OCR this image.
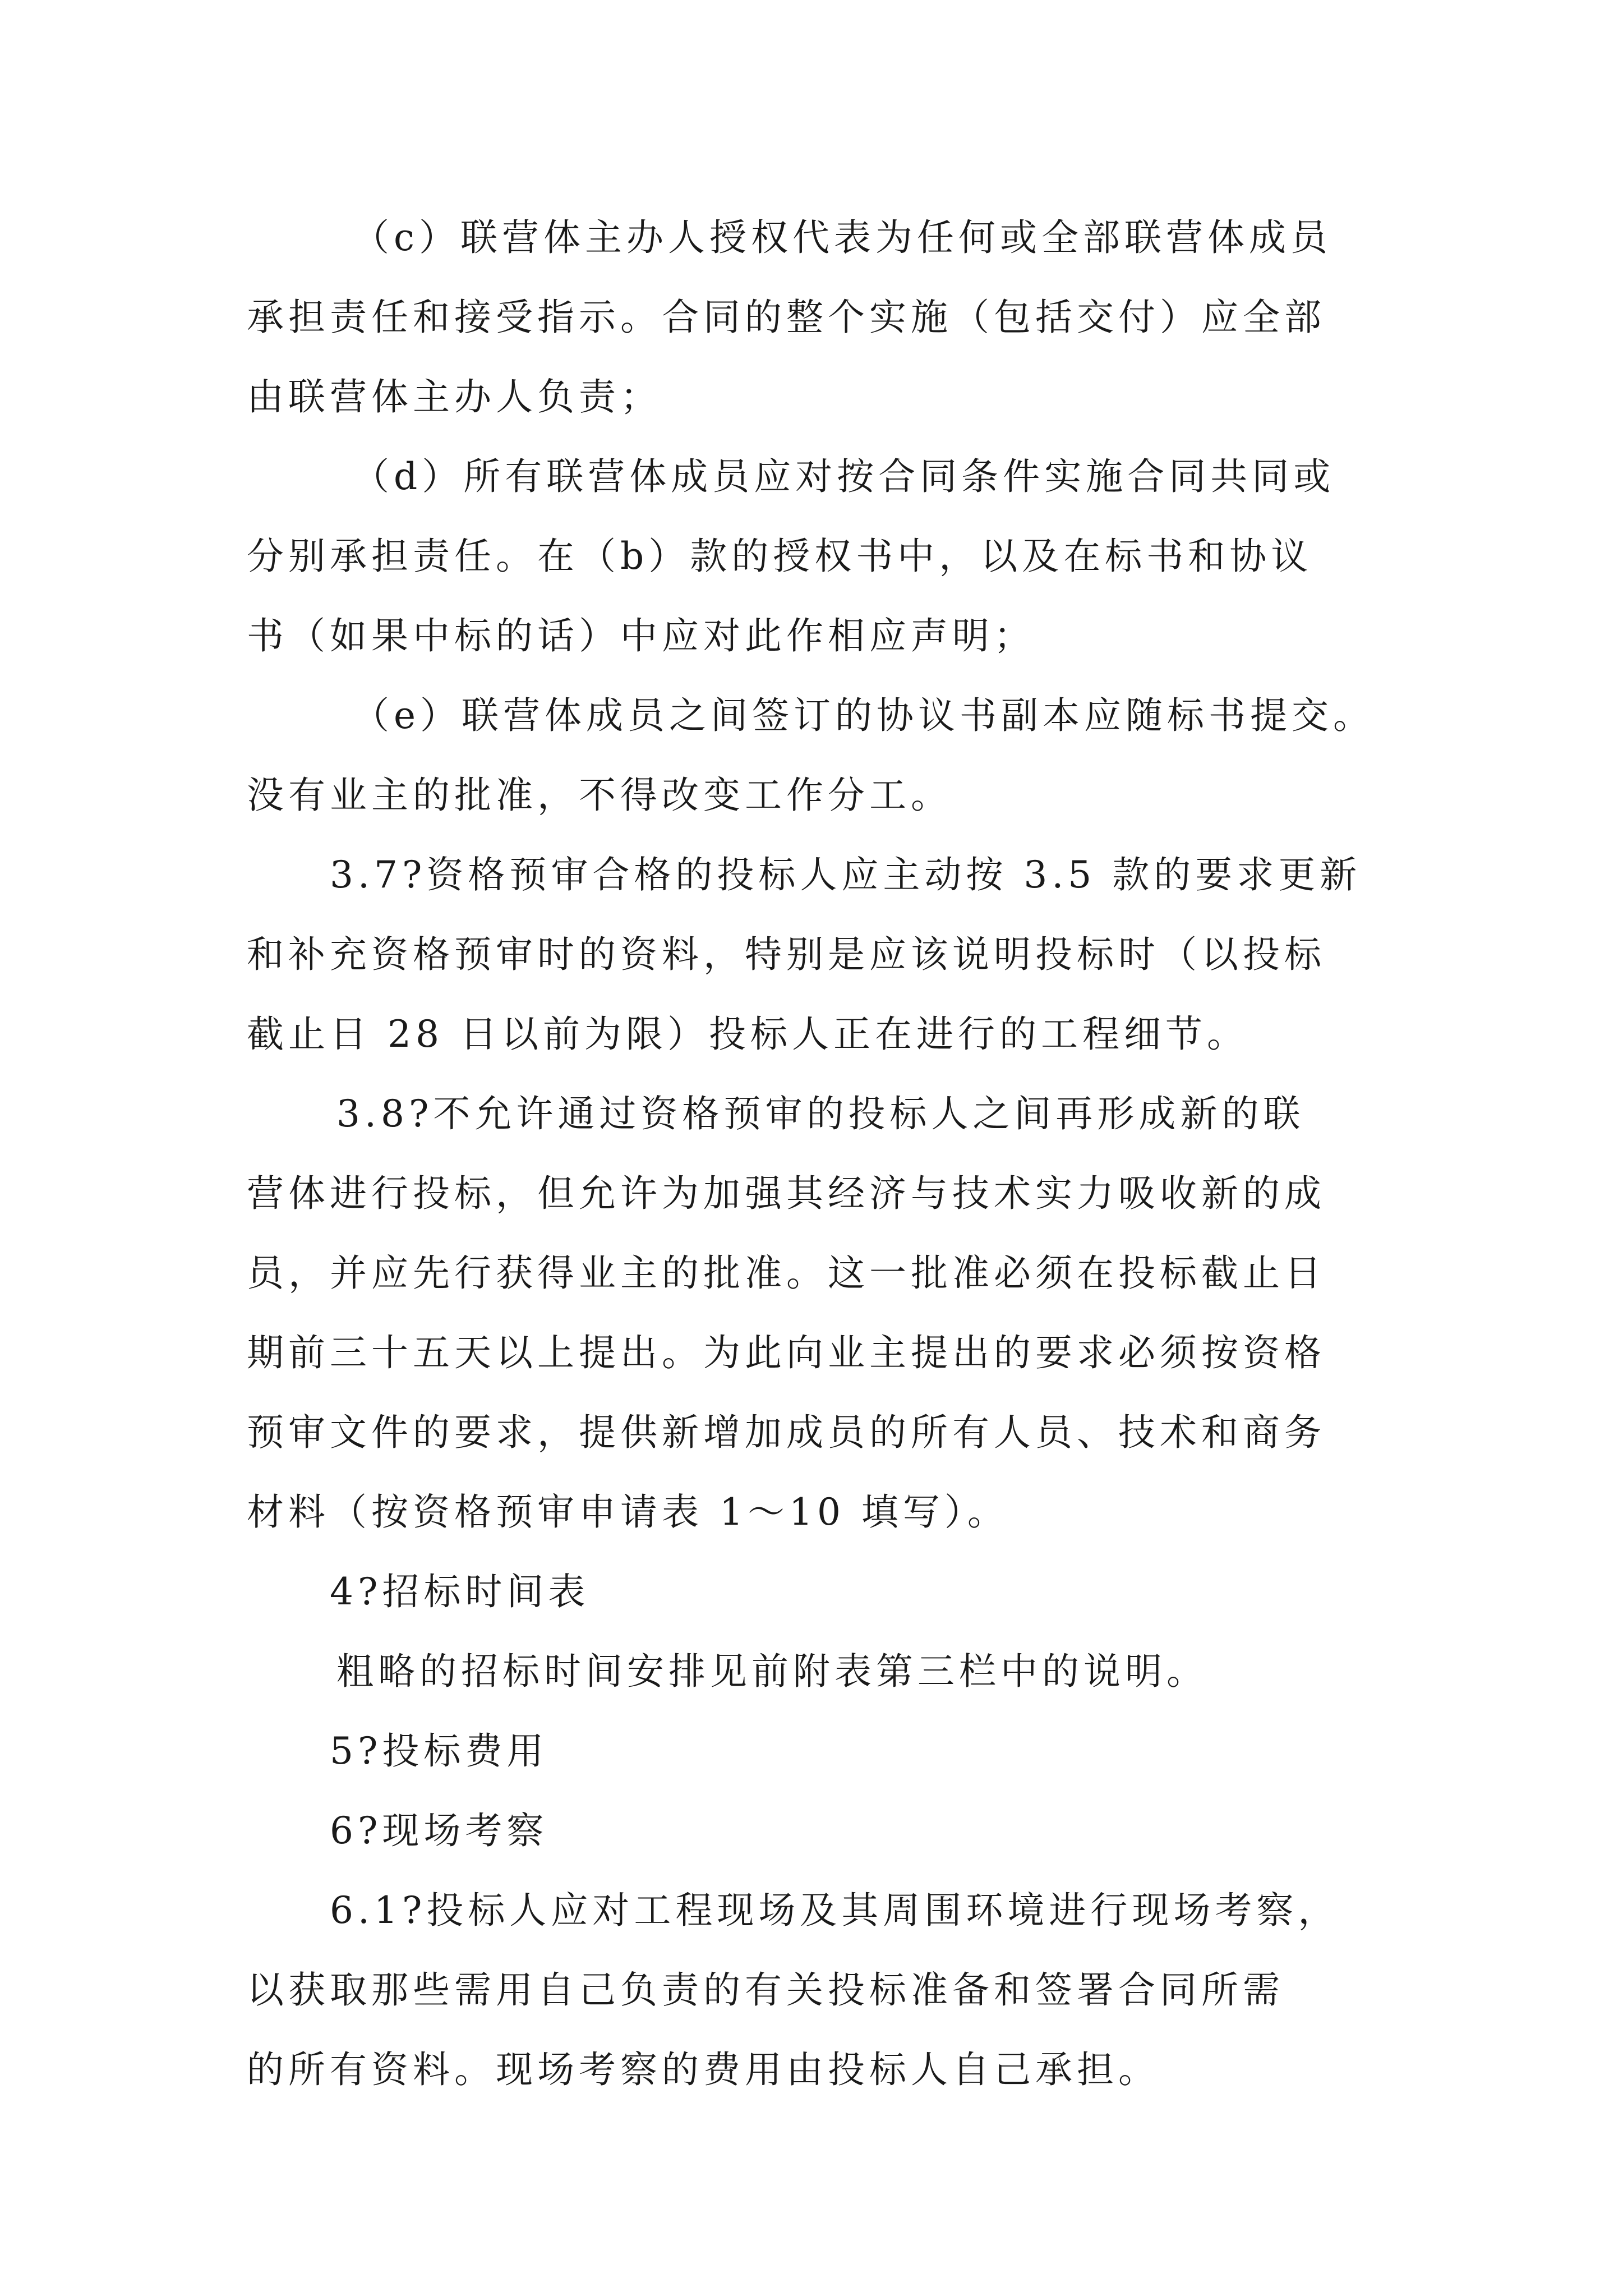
（c）联营体主办人授权代表为任何或全部联营体成员
承担责任和接受指示。合同的整个实施（包括交付）应全部
由联营体主办人负责；
（d）所有联营体成员应对按合同条件实施合同共同或
分别承担责任。在（b）款的授权书中，以及在标书和协议
书（如果中标的话）中应对此作相应声明；
（e）联营体成员之间签订的协议书副本应随标书提交。
没有业主的批准，不得改变工作分工。
3.7?资格预审合格的投标人应主动按 3.5 款的要求更新
和补充资格预审时的资料，特别是应该说明投标时（以投标
截止日 28 日以前为限）投标人正在进行的工程细节。
3.8?不允许通过资格预审的投标人之间再形成新的联
营体进行投标，但允许为加强其经济与技术实力吸收新的成
员，并应先行获得业主的批准。这一批准必须在投标截止日
期前三十五天以上提出。为此向业主提出的要求必须按资格
预审文件的要求，提供新增加成员的所有人员、技术和商务
材料（按资格预审申请表 1～10 填写）。
4?招标时间表
粗略的招标时间安排见前附表第三栏中的说明。
5?投标费用
6?现场考察
6.1?投标人应对工程现场及其周围环境进行现场考察，
以获取那些需用自己负责的有关投标准备和签署合同所需
的所有资料。现场考察的费用由投标人自己承担。
